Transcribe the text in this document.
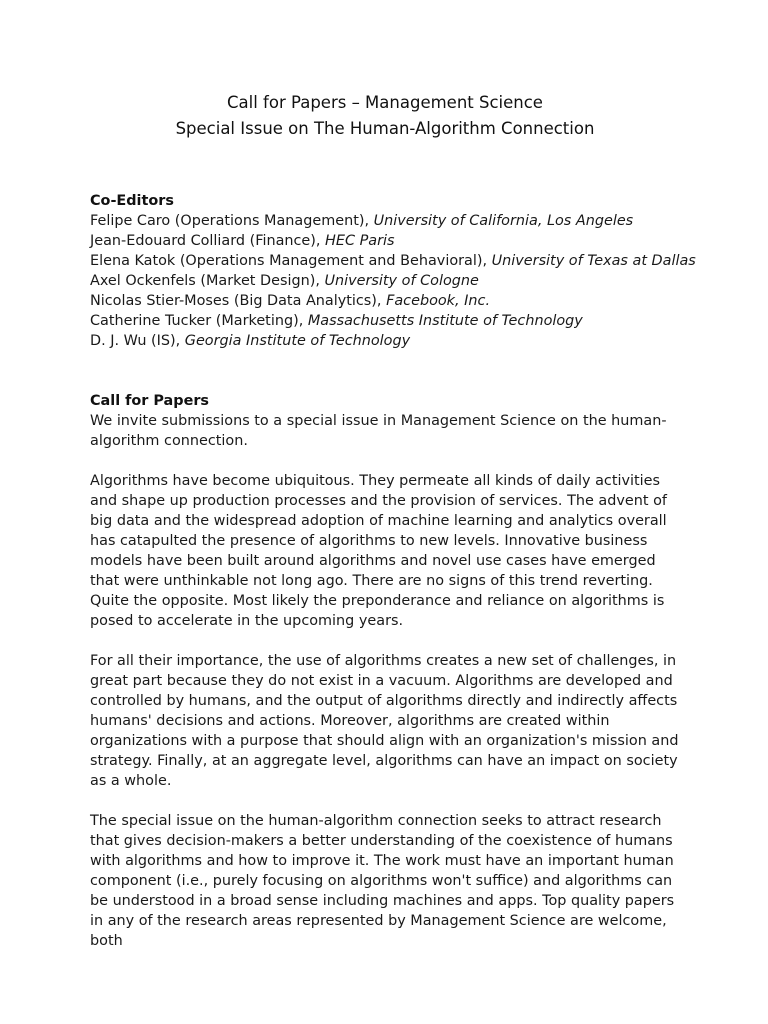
Call for Papers – Management Science
Special Issue on The Human-Algorithm Connection
Co-Editors
Felipe Caro (Operations Management), University of California, Los Angeles
Jean-Edouard Colliard (Finance), HEC Paris
Elena Katok (Operations Management and Behavioral), University of Texas at Dallas
Axel Ockenfels (Market Design), University of Cologne
Nicolas Stier-Moses (Big Data Analytics), Facebook, Inc.
Catherine Tucker (Marketing), Massachusetts Institute of Technology
D. J. Wu (IS), Georgia Institute of Technology
Call for Papers

We invite submissions to a special issue in Management Science on the human-algorithm connection.

Algorithms have become ubiquitous. They permeate all kinds of daily activities and shape up production processes and the provision of services. The advent of big data and the widespread adoption of machine learning and analytics overall has catapulted the presence of algorithms to new levels. Innovative business models have been built around algorithms and novel use cases have emerged that were unthinkable not long ago. There are no signs of this trend reverting. Quite the opposite. Most likely the preponderance and reliance on algorithms is posed to accelerate in the upcoming years.

For all their importance, the use of algorithms creates a new set of challenges, in great part because they do not exist in a vacuum. Algorithms are developed and controlled by humans, and the output of algorithms directly and indirectly affects humans' decisions and actions. Moreover, algorithms are created within organizations with a purpose that should align with an organization's mission and strategy. Finally, at an aggregate level, algorithms can have an impact on society as a whole.

The special issue on the human-algorithm connection seeks to attract research that gives decision-makers a better understanding of the coexistence of humans with algorithms and how to improve it. The work must have an important human component (i.e., purely focusing on algorithms won't suffice) and algorithms can be understood in a broad sense including machines and apps. Top quality papers in any of the research areas represented by Management Science are welcome, both
